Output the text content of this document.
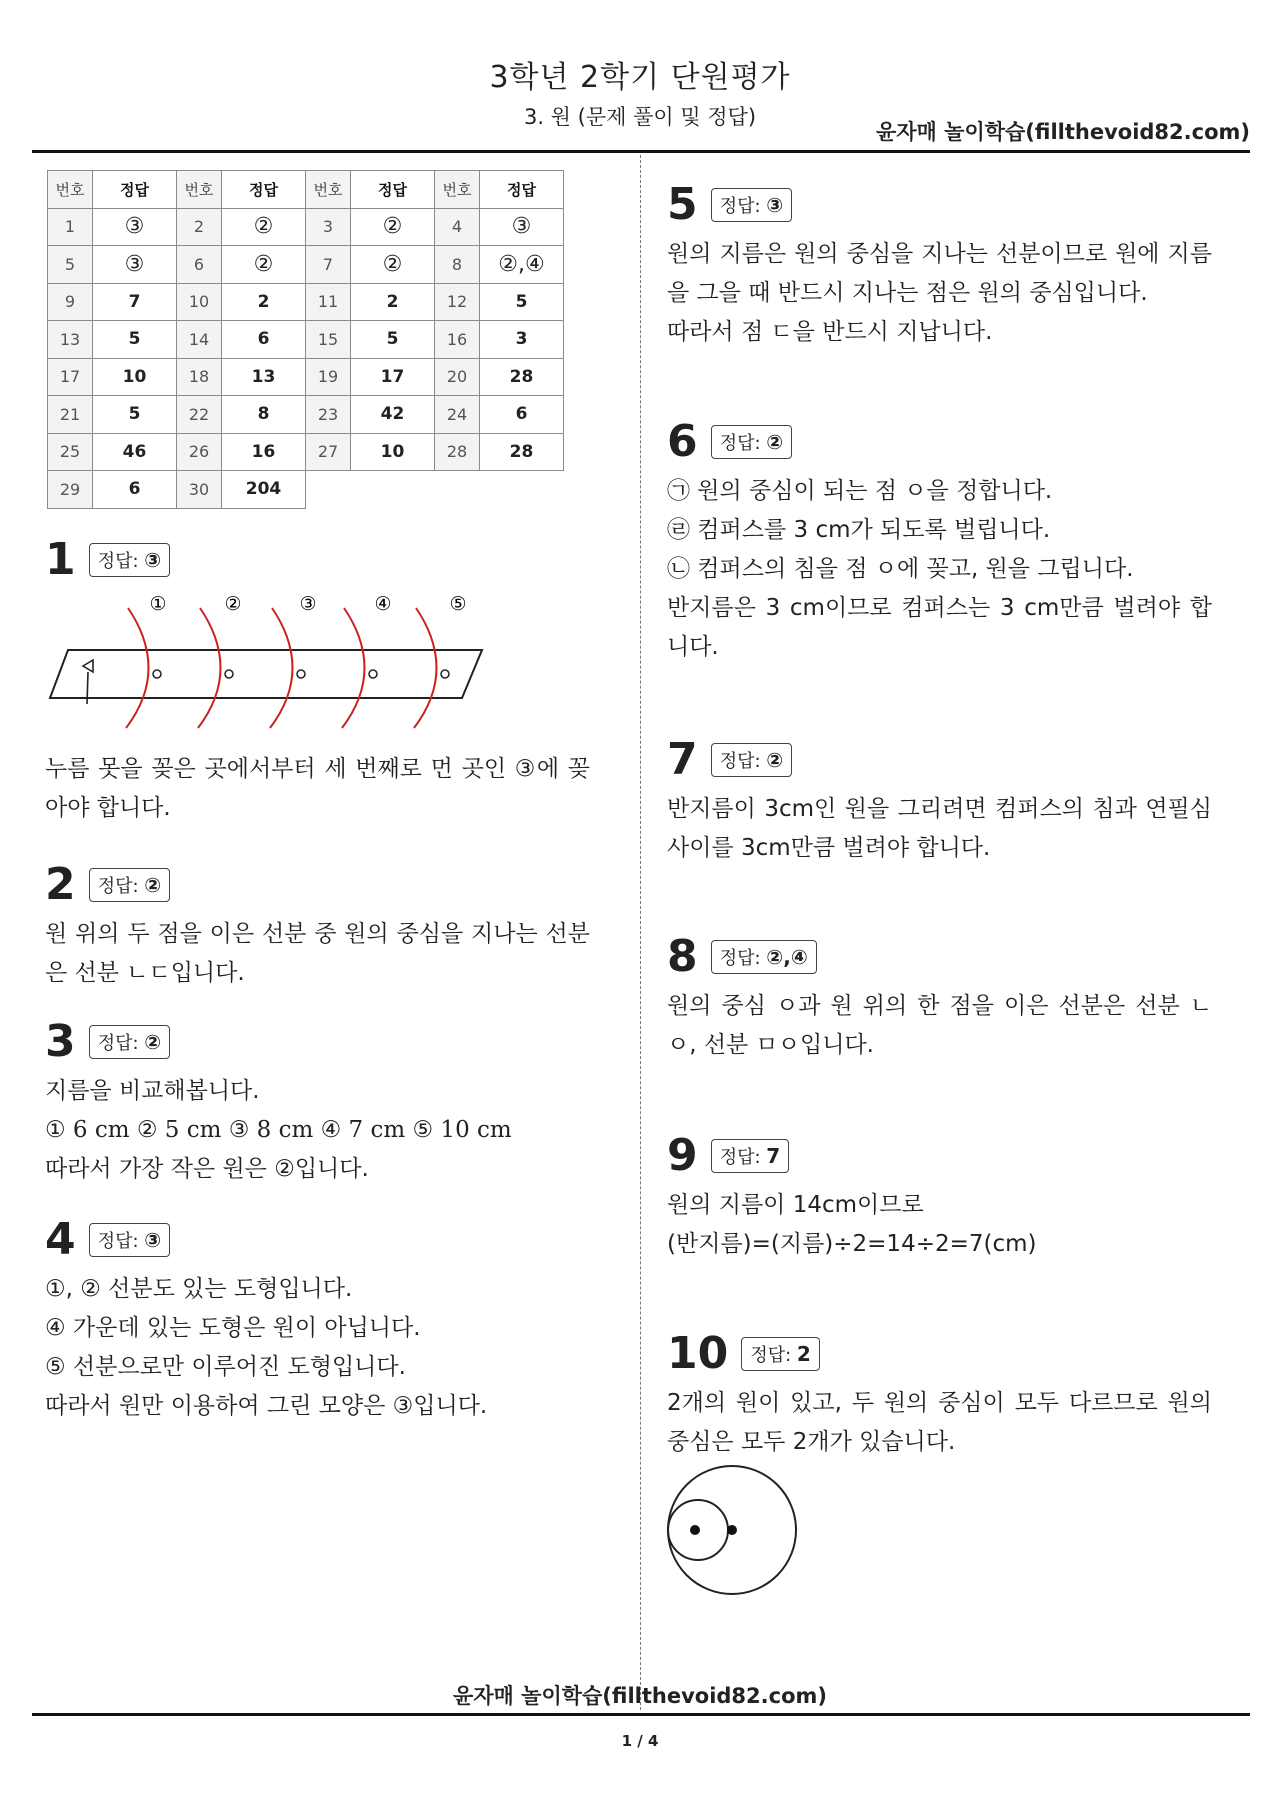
3학년 2학기 단원평가
3. 원 (문제 풀이 및 정답)
윤자매 놀이학습(fillthevoid82.com)
번호	정답	번호	정답	번호	정답	번호	정답
1	③	2	②	3	②	4	③
5	③	6	②	7	②	8	②,④
9	7	10	2	11	2	12	5
13	5	14	6	15	5	16	3
17	10	18	13	19	17	20	28
21	5	22	8	23	42	24	6
25	46	26	16	27	10	28	28
29	6	30	204				
1 정답: ③
①	②	③	④	⑤

누름 못을 꽂은 곳에서부터 세 번째로 먼 곳인 ③에 꽂아야 합니다.

2 정답: ②

원 위의 두 점을 이은 선분 중 원의 중심을 지나는 선분은 선분 ㄴㄷ입니다.

3 정답: ②

지름을 비교해봅니다.

① 6 cm ② 5 cm ③ 8 cm ④ 7 cm ⑤ 10 cm

따라서 가장 작은 원은 ②입니다.

4 정답: ③

①, ② 선분도 있는 도형입니다.

④ 가운데 있는 도형은 원이 아닙니다.

⑤ 선분으로만 이루어진 도형입니다.

따라서 원만 이용하여 그린 모양은 ③입니다.

5 정답: ③

원의 지름은 원의 중심을 지나는 선분이므로 원에 지름을 그을 때 반드시 지나는 점은 원의 중심입니다.

따라서 점 ㄷ을 반드시 지납니다.

6 정답: ②

㉠ 원의 중심이 되는 점 ㅇ을 정합니다.

㉣ 컴퍼스를 3 cm가 되도록 벌립니다.

㉡ 컴퍼스의 침을 점 ㅇ에 꽂고, 원을 그립니다.

반지름은 3 cm이므로 컴퍼스는 3 cm만큼 벌려야 합니다.

7 정답: ②

반지름이 3cm인 원을 그리려면 컴퍼스의 침과 연필심 사이를 3cm만큼 벌려야 합니다.

8 정답: ②,④

원의 중심 ㅇ과 원 위의 한 점을 이은 선분은 선분 ㄴㅇ, 선분 ㅁㅇ입니다.

9 정답: 7

원의 지름이 14cm이므로

(반지름)=(지름)÷2=14÷2=7(cm)

10 정답: 2

2개의 원이 있고, 두 원의 중심이 모두 다르므로 원의 중심은 모두 2개가 있습니다.

윤자매 놀이학습(fillthevoid82.com)
1 / 4
